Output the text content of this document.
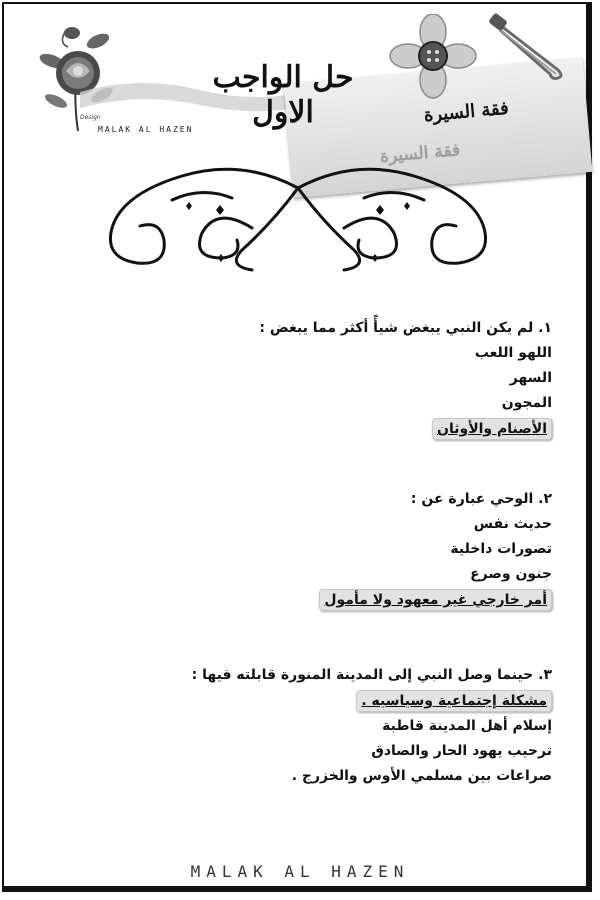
Design	فقة السيرة
فقة السيرة
حل الواجب الاول
MALAK AL HAZEN

١. لم يكن النبي يبغض شيأً أكثر مما يبغض :

اللهو اللعب
السهر
المجون
الأصنام والأوثان

٢. الوحي عبارة عن :

حديث نفس
تصورات داخلية
جنون وصرع
أمر خارجي غير معهود ولا مأمول

٣. حينما وصل النبي إلى المدينة المنورة قابلته فيها :

مشكلة إجتماعية وسياسيه .
إسلام أهل المدينة قاطبة
ترحيب يهود الحار والصادق
صراعات بين مسلمي الأوس والخزرج .
MALAK AL HAZEN
